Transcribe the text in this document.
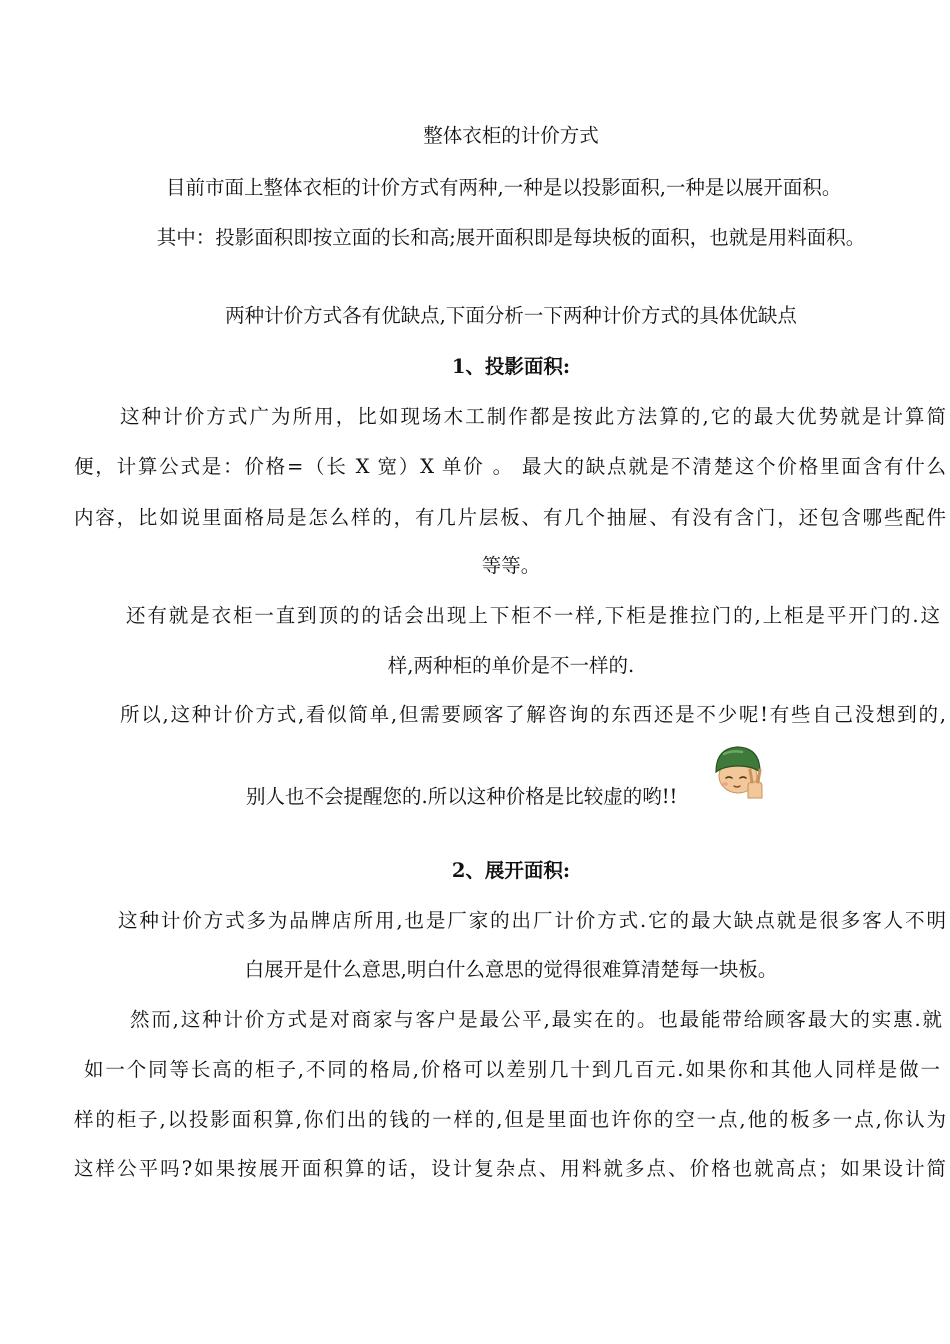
整体衣柜的计价方式
目前市面上整体衣柜的计价方式有两种,一种是以投影面积,一种是以展开面积。
其中：投影面积即按立面的长和高;展开面积即是每块板的面积，也就是用料面积。
两种计价方式各有优缺点,下面分析一下两种计价方式的具体优缺点
1、投影面积:
这种计价方式广为所用，比如现场木工制作都是按此方法算的,它的最大优势就是计算简
便，计算公式是：价格=（长 X 宽）X 单价 。 最大的缺点就是不清楚这个价格里面含有什么
内容，比如说里面格局是怎么样的，有几片层板、有几个抽屉、有没有含门，还包含哪些配件
等等。
还有就是衣柜一直到顶的的话会出现上下柜不一样,下柜是推拉门的,上柜是平开门的.这
样,两种柜的单价是不一样的.
所以,这种计价方式,看似简单,但需要顾客了解咨询的东西还是不少呢!有些自己没想到的,
别人也不会提醒您的.所以这种价格是比较虚的哟!!
2、展开面积:
这种计价方式多为品牌店所用,也是厂家的出厂计价方式.它的最大缺点就是很多客人不明
白展开是什么意思,明白什么意思的觉得很难算清楚每一块板。
然而,这种计价方式是对商家与客户是最公平,最实在的。也最能带给顾客最大的实惠.就
如一个同等长高的柜子,不同的格局,价格可以差别几十到几百元.如果你和其他人同样是做一
样的柜子,以投影面积算,你们出的钱的一样的,但是里面也许你的空一点,他的板多一点,你认为
这样公平吗?如果按展开面积算的话，设计复杂点、用料就多点、价格也就高点；如果设计简
